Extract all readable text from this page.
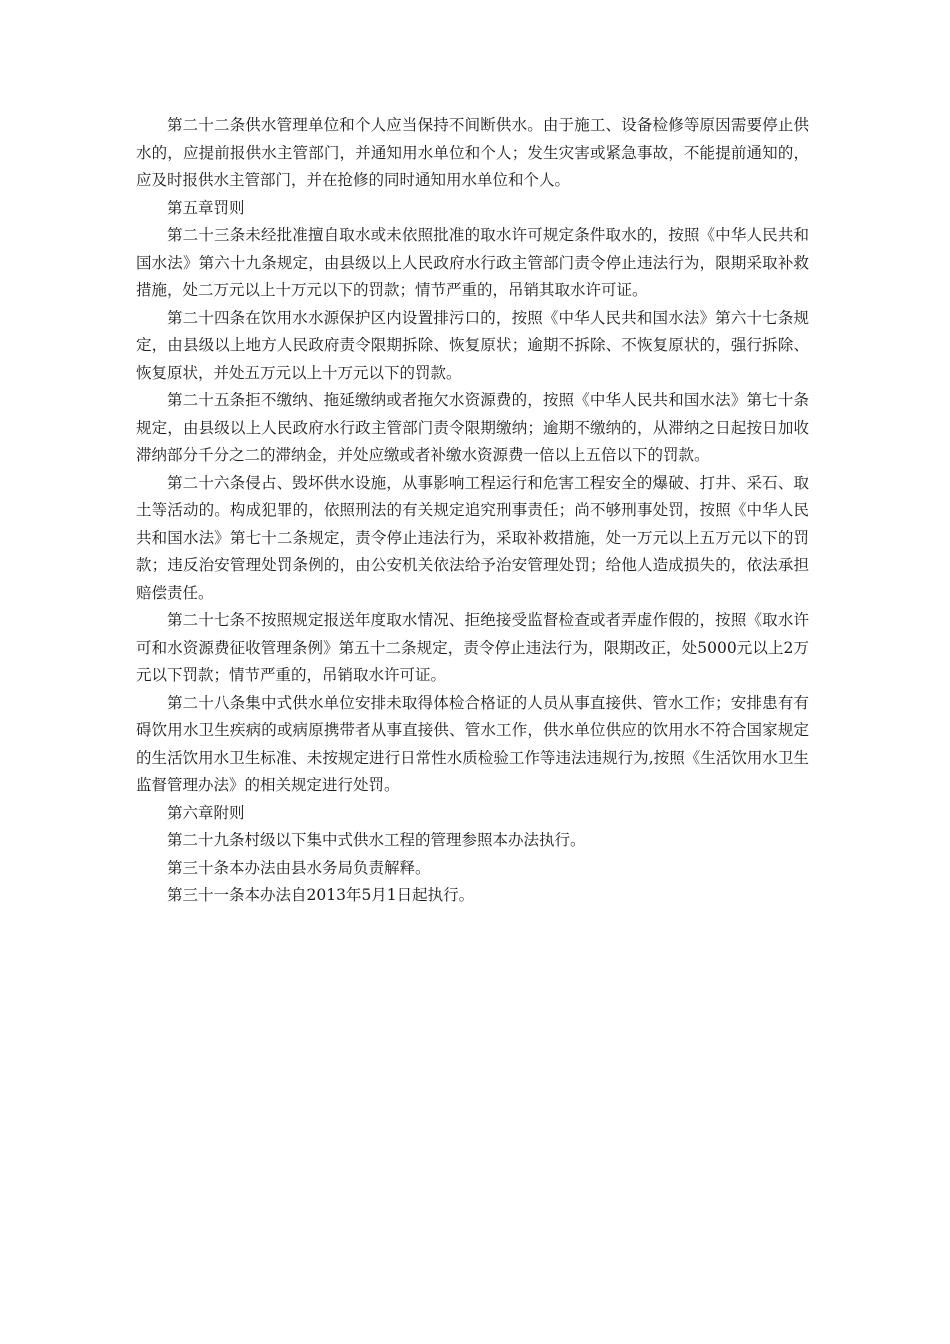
第二十二条供水管理单位和个人应当保持不间断供水。由于施工、设备检修等原因需要停止供水的，应提前报供水主管部门，并通知用水单位和个人；发生灾害或紧急事故，不能提前通知的，应及时报供水主管部门，并在抢修的同时通知用水单位和个人。

第五章罚则

第二十三条未经批准擅自取水或未依照批准的取水许可规定条件取水的，按照《中华人民共和国水法》第六十九条规定，由县级以上人民政府水行政主管部门责令停止违法行为，限期采取补救措施，处二万元以上十万元以下的罚款；情节严重的，吊销其取水许可证。

第二十四条在饮用水水源保护区内设置排污口的，按照《中华人民共和国水法》第六十七条规定，由县级以上地方人民政府责令限期拆除、恢复原状；逾期不拆除、不恢复原状的，强行拆除、恢复原状，并处五万元以上十万元以下的罚款。

第二十五条拒不缴纳、拖延缴纳或者拖欠水资源费的，按照《中华人民共和国水法》第七十条规定，由县级以上人民政府水行政主管部门责令限期缴纳；逾期不缴纳的，从滞纳之日起按日加收滞纳部分千分之二的滞纳金，并处应缴或者补缴水资源费一倍以上五倍以下的罚款。

第二十六条侵占、毁坏供水设施，从事影响工程运行和危害工程安全的爆破、打井、采石、取土等活动的。构成犯罪的，依照刑法的有关规定追究刑事责任；尚不够刑事处罚，按照《中华人民共和国水法》第七十二条规定，责令停止违法行为，采取补救措施，处一万元以上五万元以下的罚款；违反治安管理处罚条例的，由公安机关依法给予治安管理处罚；给他人造成损失的，依法承担赔偿责任。

第二十七条不按照规定报送年度取水情况、拒绝接受监督检查或者弄虚作假的，按照《取水许可和水资源费征收管理条例》第五十二条规定，责令停止违法行为，限期改正，处5000元以上2万元以下罚款；情节严重的，吊销取水许可证。

第二十八条集中式供水单位安排未取得体检合格证的人员从事直接供、管水工作；安排患有有碍饮用水卫生疾病的或病原携带者从事直接供、管水工作，供水单位供应的饮用水不符合国家规定的生活饮用水卫生标准、未按规定进行日常性水质检验工作等违法违规行为,按照《生活饮用水卫生监督管理办法》的相关规定进行处罚。

第六章附则

第二十九条村级以下集中式供水工程的管理参照本办法执行。

第三十条本办法由县水务局负责解释。

第三十一条本办法自2013年5月1日起执行。
